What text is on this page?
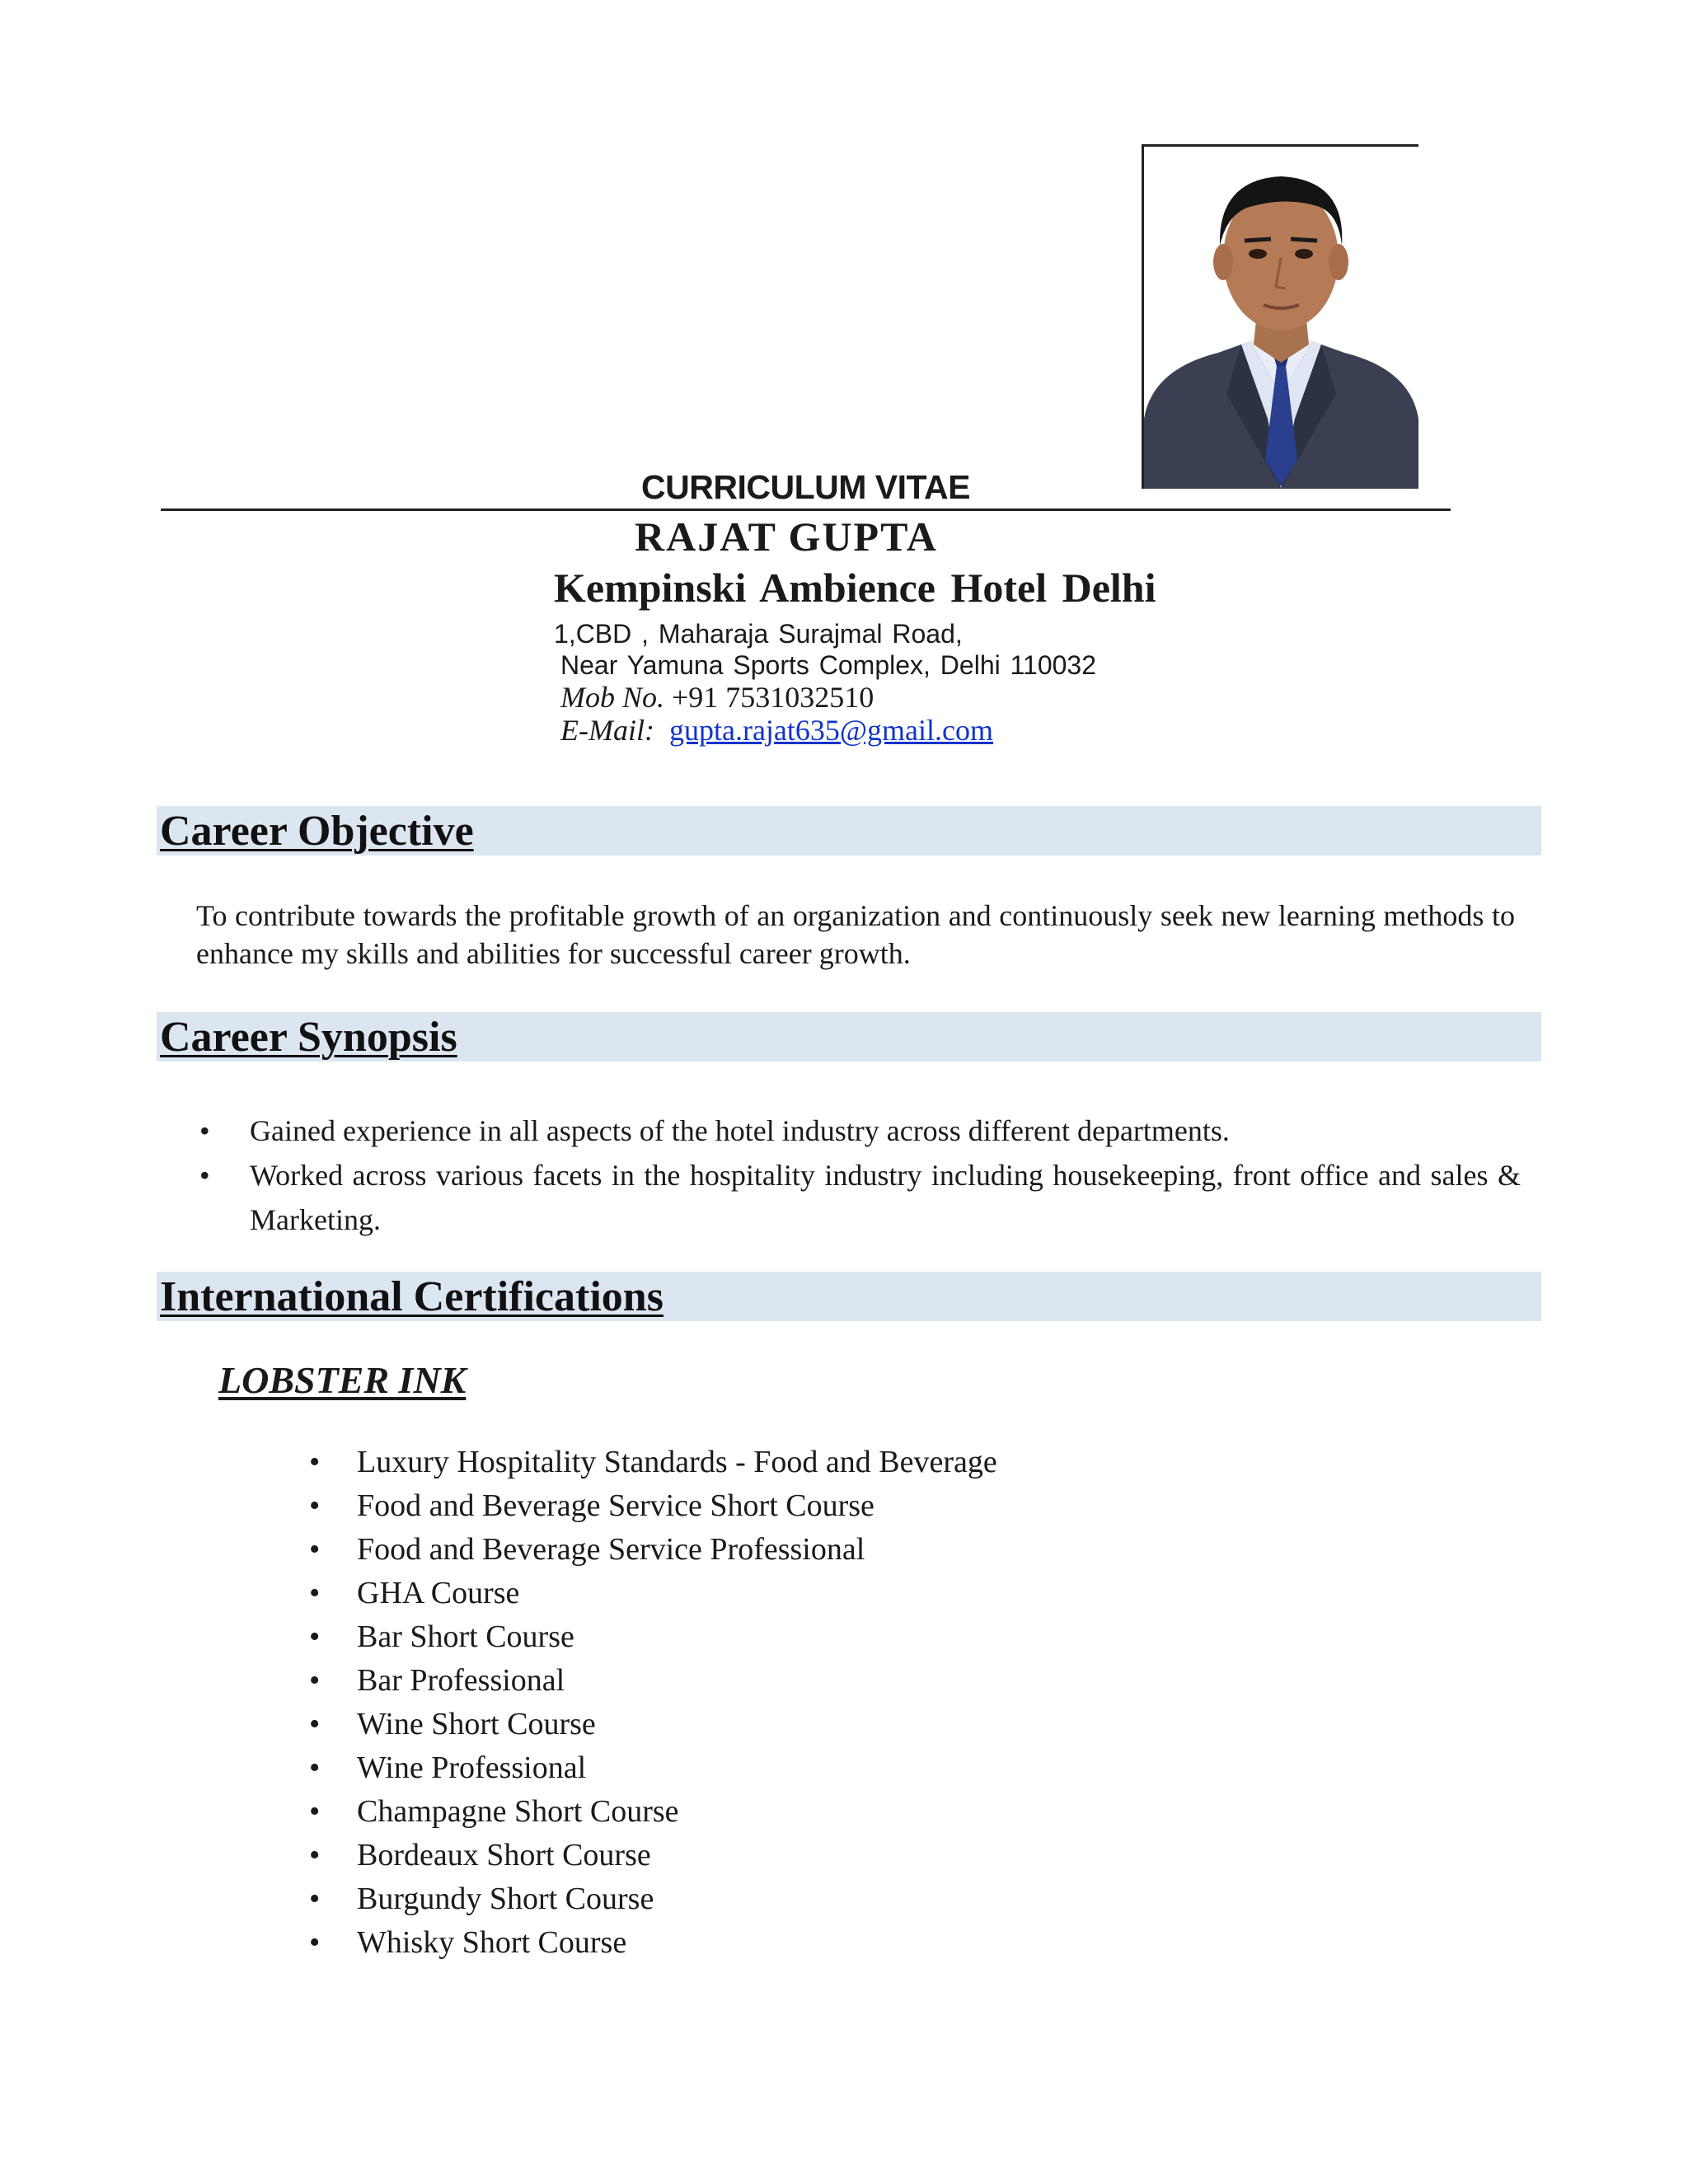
CURRICULUM VITAE
RAJAT GUPTA
Kempinski Ambience Hotel Delhi
1,CBD , Maharaja Surajmal Road,
Near Yamuna Sports Complex, Delhi 110032
Mob No. +91 7531032510
E-Mail: gupta.rajat635@gmail.com
Career Objective

To contribute towards the profitable growth of an organization and continuously seek new learning methods to enhance my skills and abilities for successful career growth.

Career Synopsis
• Gained experience in all aspects of the hotel industry across different departments.
• Worked across various facets in the hospitality industry including housekeeping, front office and sales & Marketing.
International Certifications
LOBSTER INK
• Luxury Hospitality Standards - Food and Beverage
• Food and Beverage Service Short Course
• Food and Beverage Service Professional
• GHA Course
• Bar Short Course
• Bar Professional
• Wine Short Course
• Wine Professional
• Champagne Short Course
• Bordeaux Short Course
• Burgundy Short Course
• Whisky Short Course
